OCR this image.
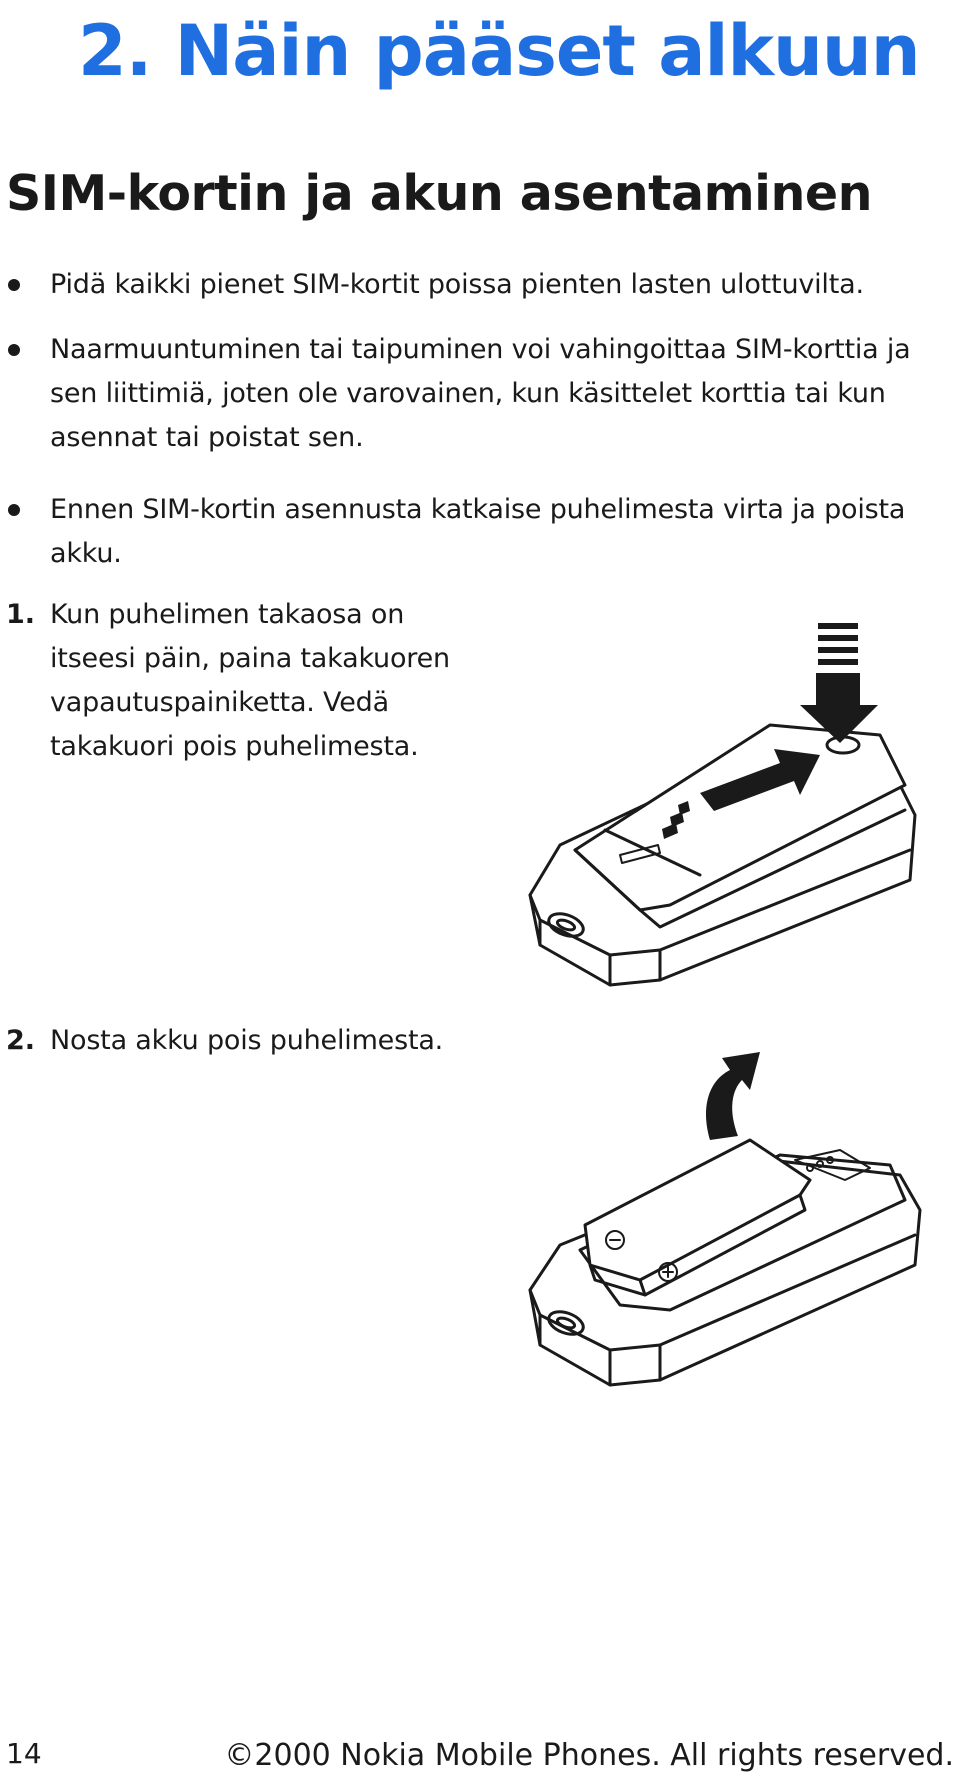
2. Näin pääset alkuun
SIM-kortin ja akun asentaminen

Pidä kaikki pienet SIM-kortit poissa pienten lasten ulottuvilta.

Naarmuuntuminen tai taipuminen voi vahingoittaa SIM-korttia ja sen liittimiä, joten ole varovainen, kun käsittelet korttia tai kun asennat tai poistat sen.

Ennen SIM-kortin asennusta katkaise puhelimesta virta ja poista akku.

1. Kun puhelimen takaosa on itseesi päin, paina takakuoren vapautuspainiketta. Vedä takakuori pois puhelimesta.

2. Nosta akku pois puhelimesta.

14	©2000 Nokia Mobile Phones. All rights reserved.
